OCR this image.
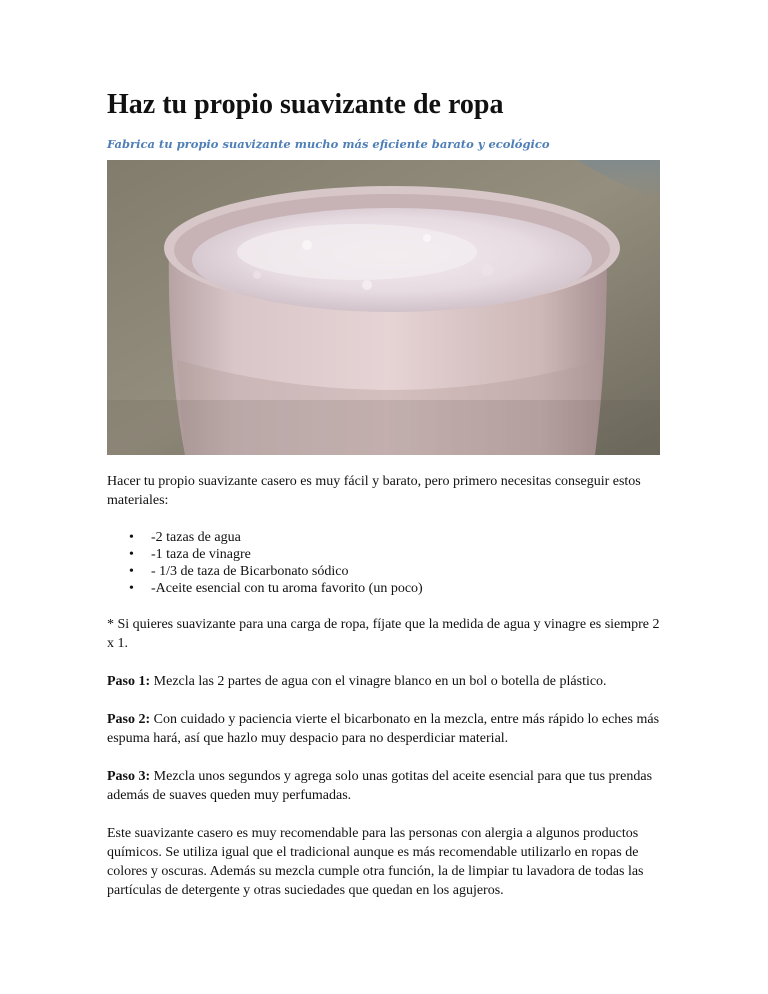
Haz tu propio suavizante de ropa

Fabrica tu propio suavizante mucho más eficiente barato y ecológico

Hacer tu propio suavizante casero es muy fácil y barato, pero primero necesitas conseguir estos materiales:

• -2 tazas de agua
• -1 taza de vinagre
• - 1/3 de taza de Bicarbonato sódico
• -Aceite esencial con tu aroma favorito (un poco)

* Si quieres suavizante para una carga de ropa, fíjate que la medida de agua y vinagre es siempre 2 x 1.

Paso 1: Mezcla las 2 partes de agua con el vinagre blanco en un bol o botella de plástico.

Paso 2: Con cuidado y paciencia vierte el bicarbonato en la mezcla, entre más rápido lo eches más espuma hará, así que hazlo muy despacio para no desperdiciar material.

Paso 3: Mezcla unos segundos y agrega solo unas gotitas del aceite esencial para que tus prendas además de suaves queden muy perfumadas.

Este suavizante casero es muy recomendable para las personas con alergia a algunos productos químicos. Se utiliza igual que el tradicional aunque es más recomendable utilizarlo en ropas de colores y oscuras. Además su mezcla cumple otra función, la de limpiar tu lavadora de todas las partículas de detergente y otras suciedades que quedan en los agujeros.
